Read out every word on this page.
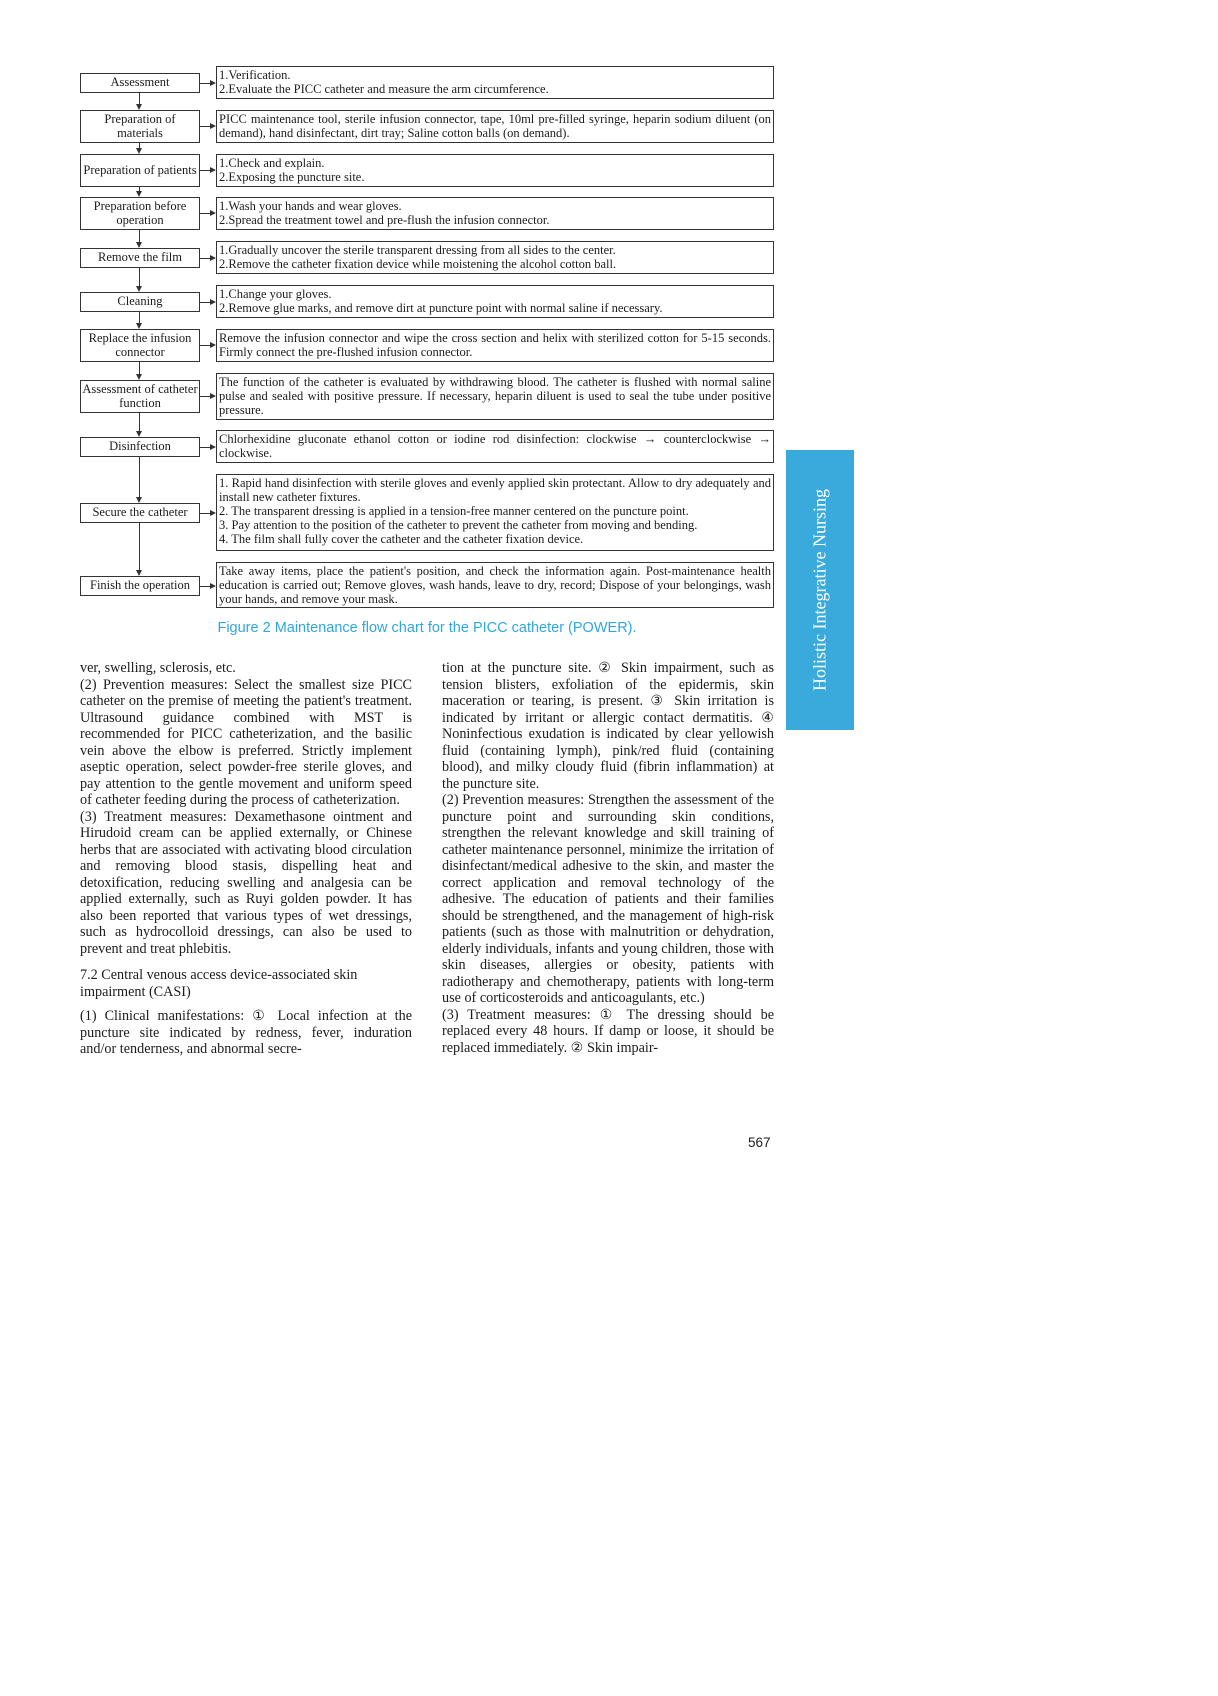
Assessment
1.Verification.
2.Evaluate the PICC catheter and measure the arm circumference.
Preparation of materials
PICC maintenance tool, sterile infusion connector, tape, 10ml pre-filled syringe, heparin sodium diluent (on demand), hand disinfectant, dirt tray; Saline cotton balls (on demand).
Preparation of patients 1.Check and explain.
2.Exposing the puncture site.
Preparation before operation
1.Wash your hands and wear gloves.
2.Spread the treatment towel and pre-flush the infusion connector.
Remove the film
1.Gradually uncover the sterile transparent dressing from all sides to the center.
2.Remove the catheter fixation device while moistening the alcohol cotton ball.
Cleaning
1.Change your gloves.
2.Remove glue marks, and remove dirt at puncture point with normal saline if necessary.
Replace the infusion connector
Remove the infusion connector and wipe the cross section and helix with sterilized cotton for 5-15 seconds. Firmly connect the pre-flushed infusion connector.
Assessment of catheter function
The function of the catheter is evaluated by withdrawing blood. The catheter is flushed with normal saline pulse and sealed with positive pressure. If necessary, heparin diluent is used to seal the tube under positive pressure.
Disinfection
Chlorhexidine gluconate ethanol cotton or iodine rod disinfection: clockwise → counterclockwise → clockwise.
Secure the catheter
1. Rapid hand disinfection with sterile gloves and evenly applied skin protectant. Allow to dry adequately and install new catheter fixtures.
2. The transparent dressing is applied in a tension-free manner centered on the puncture point.
3. Pay attention to the position of the catheter to prevent the catheter from moving and bending.
4. The film shall fully cover the catheter and the catheter fixation device.
Finish the operation
Take away items, place the patient's position, and check the information again. Post-maintenance health education is carried out; Remove gloves, wash hands, leave to dry, record; Dispose of your belongings, wash your hands, and remove your mask.
Figure 2 Maintenance flow chart for the PICC catheter (POWER).	Holistic Integrative Nursing

ver, swelling, sclerosis, etc.

(2) Prevention measures: Select the smallest size PICC catheter on the premise of meeting the patient's treatment. Ultrasound guidance combined with MST is recommended for PICC catheterization, and the basilic vein above the elbow is preferred. Strictly implement aseptic operation, select powder-free sterile gloves, and pay attention to the gentle movement and uniform speed of catheter feeding during the process of catheterization.

(3) Treatment measures: Dexamethasone ointment and Hirudoid cream can be applied externally, or Chinese herbs that are associated with activating blood circulation and removing blood stasis, dispelling heat and detoxification, reducing swelling and analgesia can be applied externally, such as Ruyi golden powder. It has also been reported that various types of wet dressings, such as hydrocolloid dressings, can also be used to prevent and treat phlebitis.

7.2 Central venous access device-associated skin impairment (CASI)

(1) Clinical manifestations: ① Local infection at the puncture site indicated by redness, fever, induration and/or tenderness, and abnormal secre-

tion at the puncture site. ② Skin impairment, such as tension blisters, exfoliation of the epidermis, skin maceration or tearing, is present. ③ Skin irritation is indicated by irritant or allergic contact dermatitis. ④ Noninfectious exudation is indicated by clear yellowish fluid (containing lymph), pink/red fluid (containing blood), and milky cloudy fluid (fibrin inflammation) at the puncture site.

(2) Prevention measures: Strengthen the assessment of the puncture point and surrounding skin conditions, strengthen the relevant knowledge and skill training of catheter maintenance personnel, minimize the irritation of disinfectant/medical adhesive to the skin, and master the correct application and removal technology of the adhesive. The education of patients and their families should be strengthened, and the management of high-risk patients (such as those with malnutrition or dehydration, elderly individuals, infants and young children, those with skin diseases, allergies or obesity, patients with radiotherapy and chemotherapy, patients with long-term use of corticosteroids and anticoagulants, etc.)

(3) Treatment measures: ① The dressing should be replaced every 48 hours. If damp or loose, it should be replaced immediately. ② Skin impair-

567
